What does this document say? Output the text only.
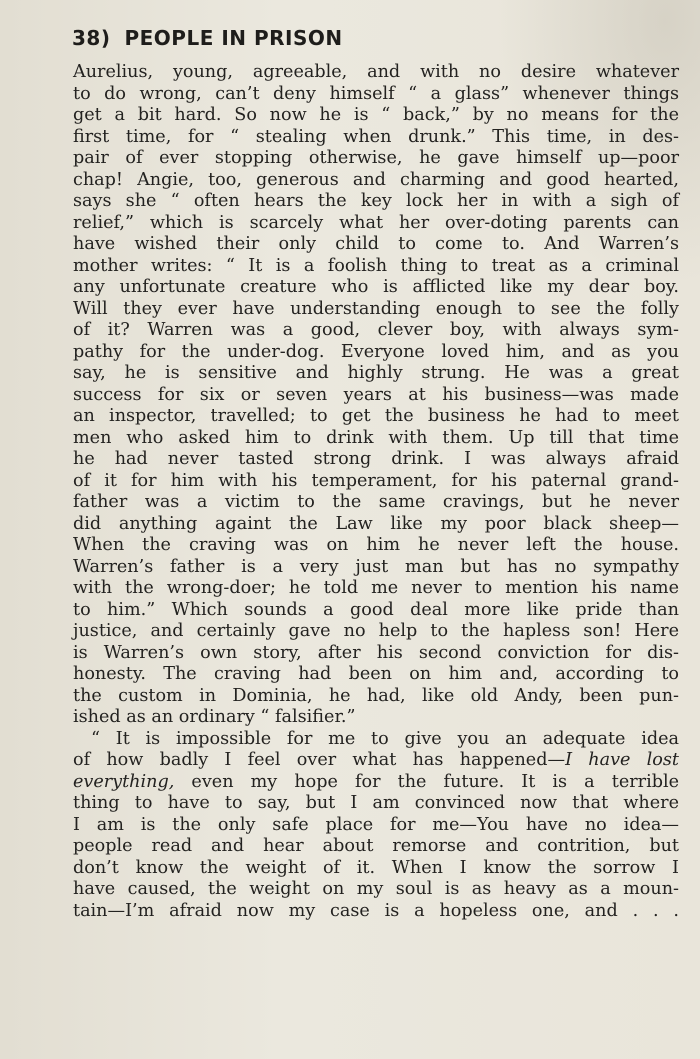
38) PEOPLE IN PRISON
Aurelius, young, agreeable, and with no desire whatever
to do wrong, can’t deny himself “ a glass” whenever things
get a bit hard. So now he is “ back,” by no means for the
first time, for “ stealing when drunk.” This time, in des-
pair of ever stopping otherwise, he gave himself up—poor
chap! Angie, too, generous and charming and good hearted,
says she “ often hears the key lock her in with a sigh of
relief,” which is scarcely what her over-doting parents can
have wished their only child to come to. And Warren’s
mother writes: “ It is a foolish thing to treat as a criminal
any unfortunate creature who is afflicted like my dear boy.
Will they ever have understanding enough to see the folly
of it? Warren was a good, clever boy, with always sym-
pathy for the under-dog. Everyone loved him, and as you
say, he is sensitive and highly strung. He was a great
success for six or seven years at his business—was made
an inspector, travelled; to get the business he had to meet
men who asked him to drink with them. Up till that time
he had never tasted strong drink. I was always afraid
of it for him with his temperament, for his paternal grand-
father was a victim to the same cravings, but he never
did anything againt the Law like my poor black sheep—
When the craving was on him he never left the house.
Warren’s father is a very just man but has no sympathy
with the wrong-doer; he told me never to mention his name
to him.” Which sounds a good deal more like pride than
justice, and certainly gave no help to the hapless son! Here
is Warren’s own story, after his second conviction for dis-
honesty. The craving had been on him and, according to
the custom in Dominia, he had, like old Andy, been pun-
ished as an ordinary “ falsifier.”
“ It is impossible for me to give you an adequate idea
of how badly I feel over what has happened—I have lost
everything, even my hope for the future. It is a terrible
thing to have to say, but I am convinced now that where
I am is the only safe place for me—You have no idea—
people read and hear about remorse and contrition, but
don’t know the weight of it. When I know the sorrow I
have caused, the weight on my soul is as heavy as a moun-
tain—I’m afraid now my case is a hopeless one, and . . .
